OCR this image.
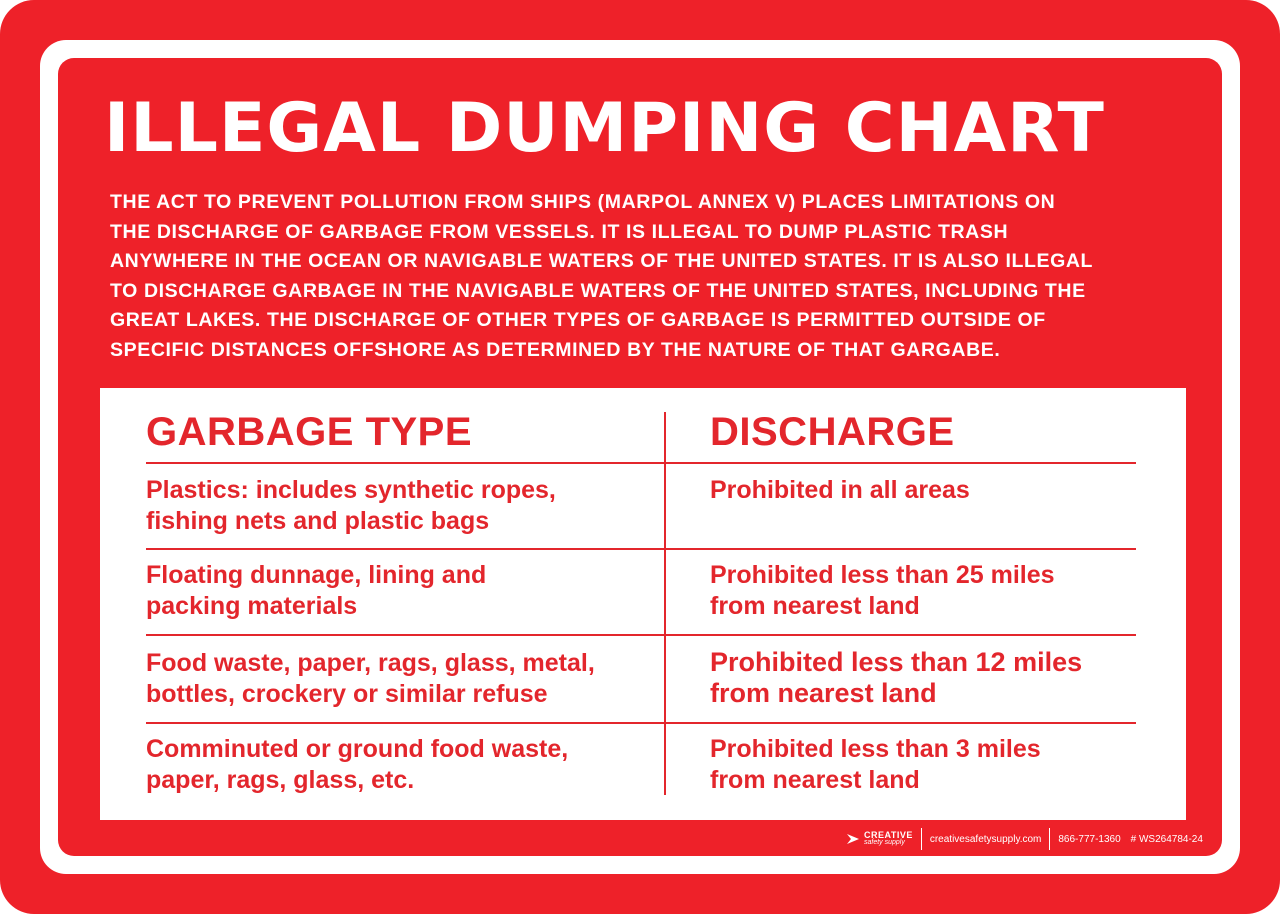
ILLEGAL DUMPING CHART
THE ACT TO PREVENT POLLUTION FROM SHIPS (MARPOL ANNEX V) PLACES LIMITATIONS ON
THE DISCHARGE OF GARBAGE FROM VESSELS. IT IS ILLEGAL TO DUMP PLASTIC TRASH
ANYWHERE IN THE OCEAN OR NAVIGABLE WATERS OF THE UNITED STATES. IT IS ALSO ILLEGAL
TO DISCHARGE GARBAGE IN THE NAVIGABLE WATERS OF THE UNITED STATES, INCLUDING THE
GREAT LAKES. THE DISCHARGE OF OTHER TYPES OF GARBAGE IS PERMITTED OUTSIDE OF
SPECIFIC DISTANCES OFFSHORE AS DETERMINED BY THE NATURE OF THAT GARGABE.
GARBAGE TYPE	DISCHARGE
Plastics: includes synthetic ropes,
fishing nets and plastic bags
Prohibited in all areas
Floating dunnage, lining and
packing materials
Prohibited less than 25 miles
from nearest land
Food waste, paper, rags, glass, metal,
bottles, crockery or similar refuse
Prohibited less than 12 miles
from nearest land
Comminuted or ground food waste,
paper, rags, glass, etc.
Prohibited less than 3 miles
from nearest land
CREATIVE
safety supply	creativesafetysupply.com 866-777-1360 # WS264784-24
